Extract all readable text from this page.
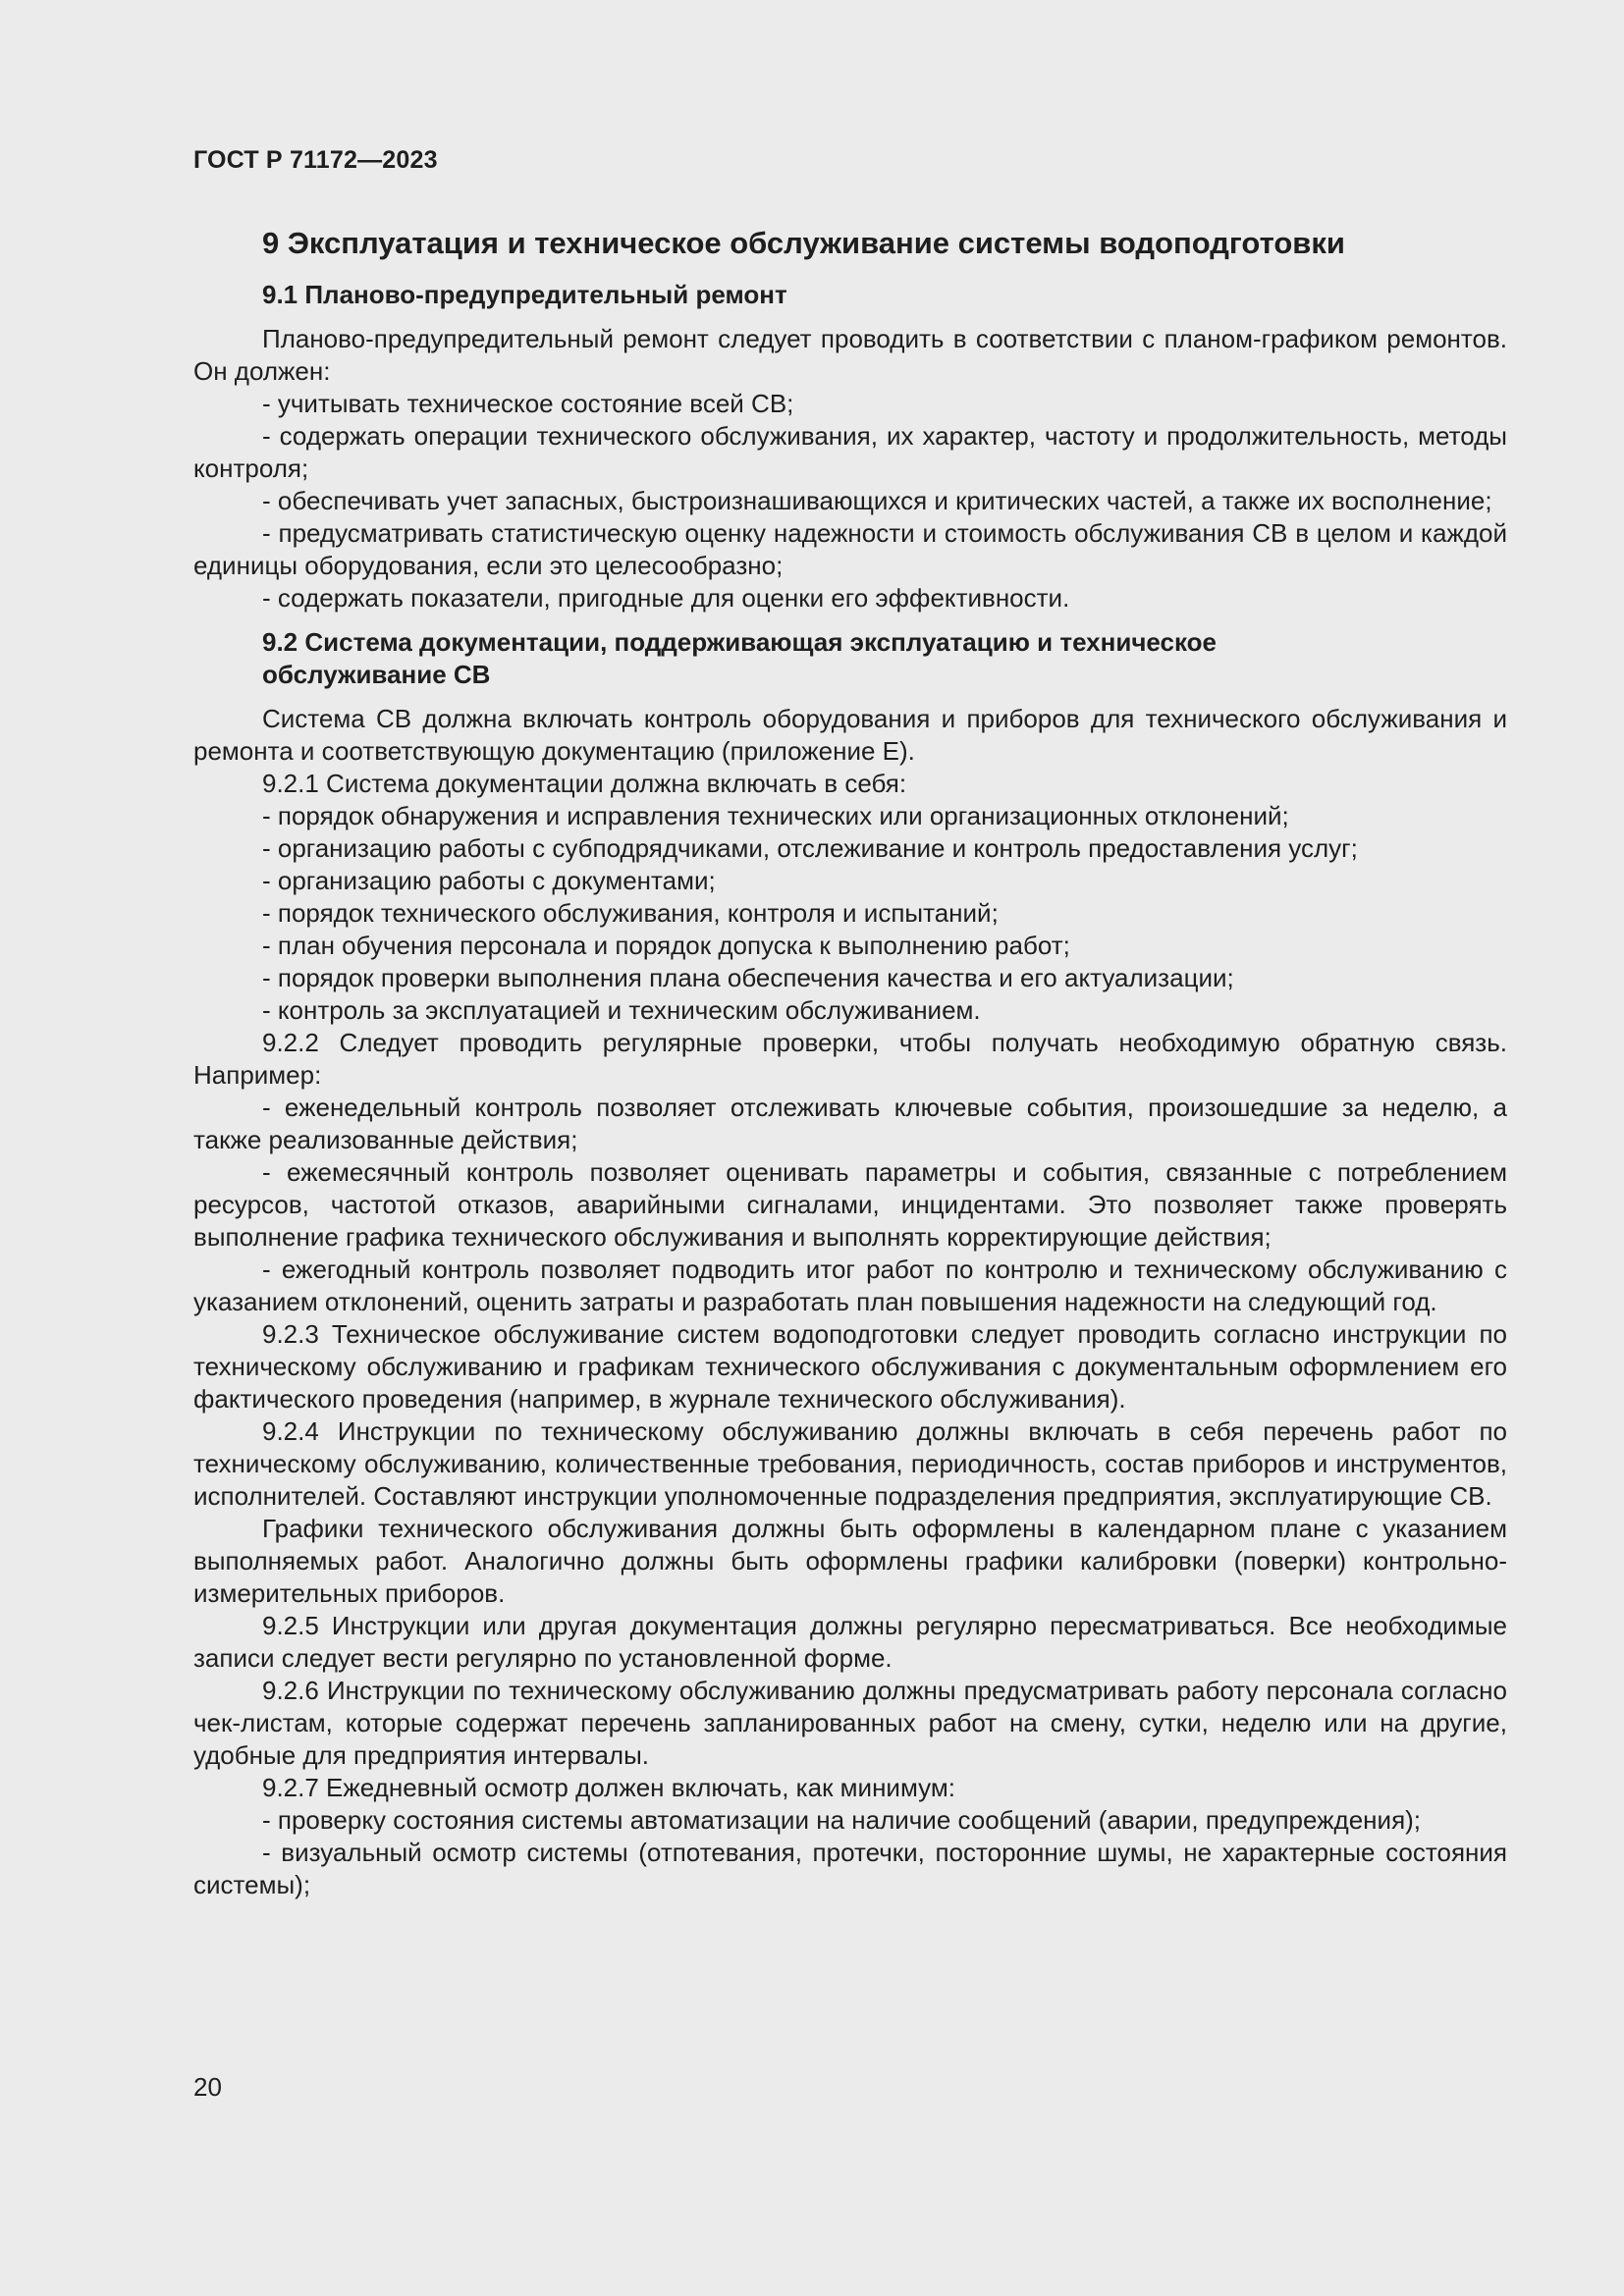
ГОСТ Р 71172—2023
9 Эксплуатация и техническое обслуживание системы водоподготовки
9.1 Планово-предупредительный ремонт

Планово-предупредительный ремонт следует проводить в соответствии с планом-графиком ремонтов. Он должен:

- учитывать техническое состояние всей СВ;

- содержать операции технического обслуживания, их характер, частоту и продолжительность, методы контроля;

- обеспечивать учет запасных, быстроизнашивающихся и критических частей, а также их восполнение;

- предусматривать статистическую оценку надежности и стоимость обслуживания СВ в целом и каждой единицы оборудования, если это целесообразно;

- содержать показатели, пригодные для оценки его эффективности.

9.2 Система документации, поддерживающая эксплуатацию и техническое
обслуживание СВ

Система СВ должна включать контроль оборудования и приборов для технического обслуживания и ремонта и соответствующую документацию (приложение Е).

9.2.1 Система документации должна включать в себя:

- порядок обнаружения и исправления технических или организационных отклонений;

- организацию работы с субподрядчиками, отслеживание и контроль предоставления услуг;

- организацию работы с документами;

- порядок технического обслуживания, контроля и испытаний;

- план обучения персонала и порядок допуска к выполнению работ;

- порядок проверки выполнения плана обеспечения качества и его актуализации;

- контроль за эксплуатацией и техническим обслуживанием.

9.2.2 Следует проводить регулярные проверки, чтобы получать необходимую обратную связь. Например:

- еженедельный контроль позволяет отслеживать ключевые события, произошедшие за неделю, а также реализованные действия;

- ежемесячный контроль позволяет оценивать параметры и события, связанные с потреблением ресурсов, частотой отказов, аварийными сигналами, инцидентами. Это позволяет также проверять выполнение графика технического обслуживания и выполнять корректирующие действия;

- ежегодный контроль позволяет подводить итог работ по контролю и техническому обслуживанию с указанием отклонений, оценить затраты и разработать план повышения надежности на следующий год.

9.2.3 Техническое обслуживание систем водоподготовки следует проводить согласно инструкции по техническому обслуживанию и графикам технического обслуживания с документальным оформлением его фактического проведения (например, в журнале технического обслуживания).

9.2.4 Инструкции по техническому обслуживанию должны включать в себя перечень работ по техническому обслуживанию, количественные требования, периодичность, состав приборов и инструментов, исполнителей. Составляют инструкции уполномоченные подразделения предприятия, эксплуатирующие СВ.

Графики технического обслуживания должны быть оформлены в календарном плане с указанием выполняемых работ. Аналогично должны быть оформлены графики калибровки (поверки) контрольно-измерительных приборов.

9.2.5 Инструкции или другая документация должны регулярно пересматриваться. Все необходимые записи следует вести регулярно по установленной форме.

9.2.6 Инструкции по техническому обслуживанию должны предусматривать работу персонала согласно чек-листам, которые содержат перечень запланированных работ на смену, сутки, неделю или на другие, удобные для предприятия интервалы.

9.2.7 Ежедневный осмотр должен включать, как минимум:

- проверку состояния системы автоматизации на наличие сообщений (аварии, предупреждения);

- визуальный осмотр системы (отпотевания, протечки, посторонние шумы, не характерные состояния системы);

20
